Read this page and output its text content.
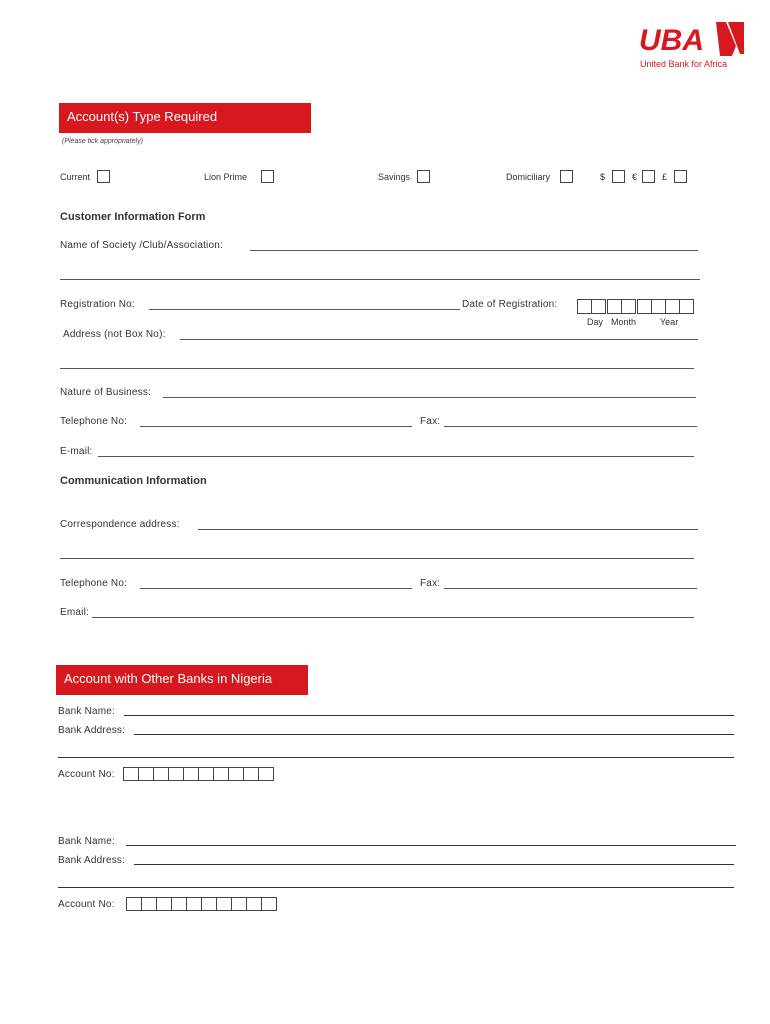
UBA
United Bank for Africa
Account(s) Type Required
(Please tick appropriately)
Current	Lion Prime	Savings	Domiciliary	$	€	£
Customer Information Form
Name of Society /Club/Association:
Registration No:	Date of Registration:
Day Month	Year
Address (not Box No):
Nature of Business:
Telephone No:	Fax:
E-mail:
Communication Information
Correspondence address:
Telephone No:	Fax:
Email:
Account with Other Banks in Nigeria
Bank Name:
Bank Address:
Account No:
Bank Name:
Bank Address:
Account No:
